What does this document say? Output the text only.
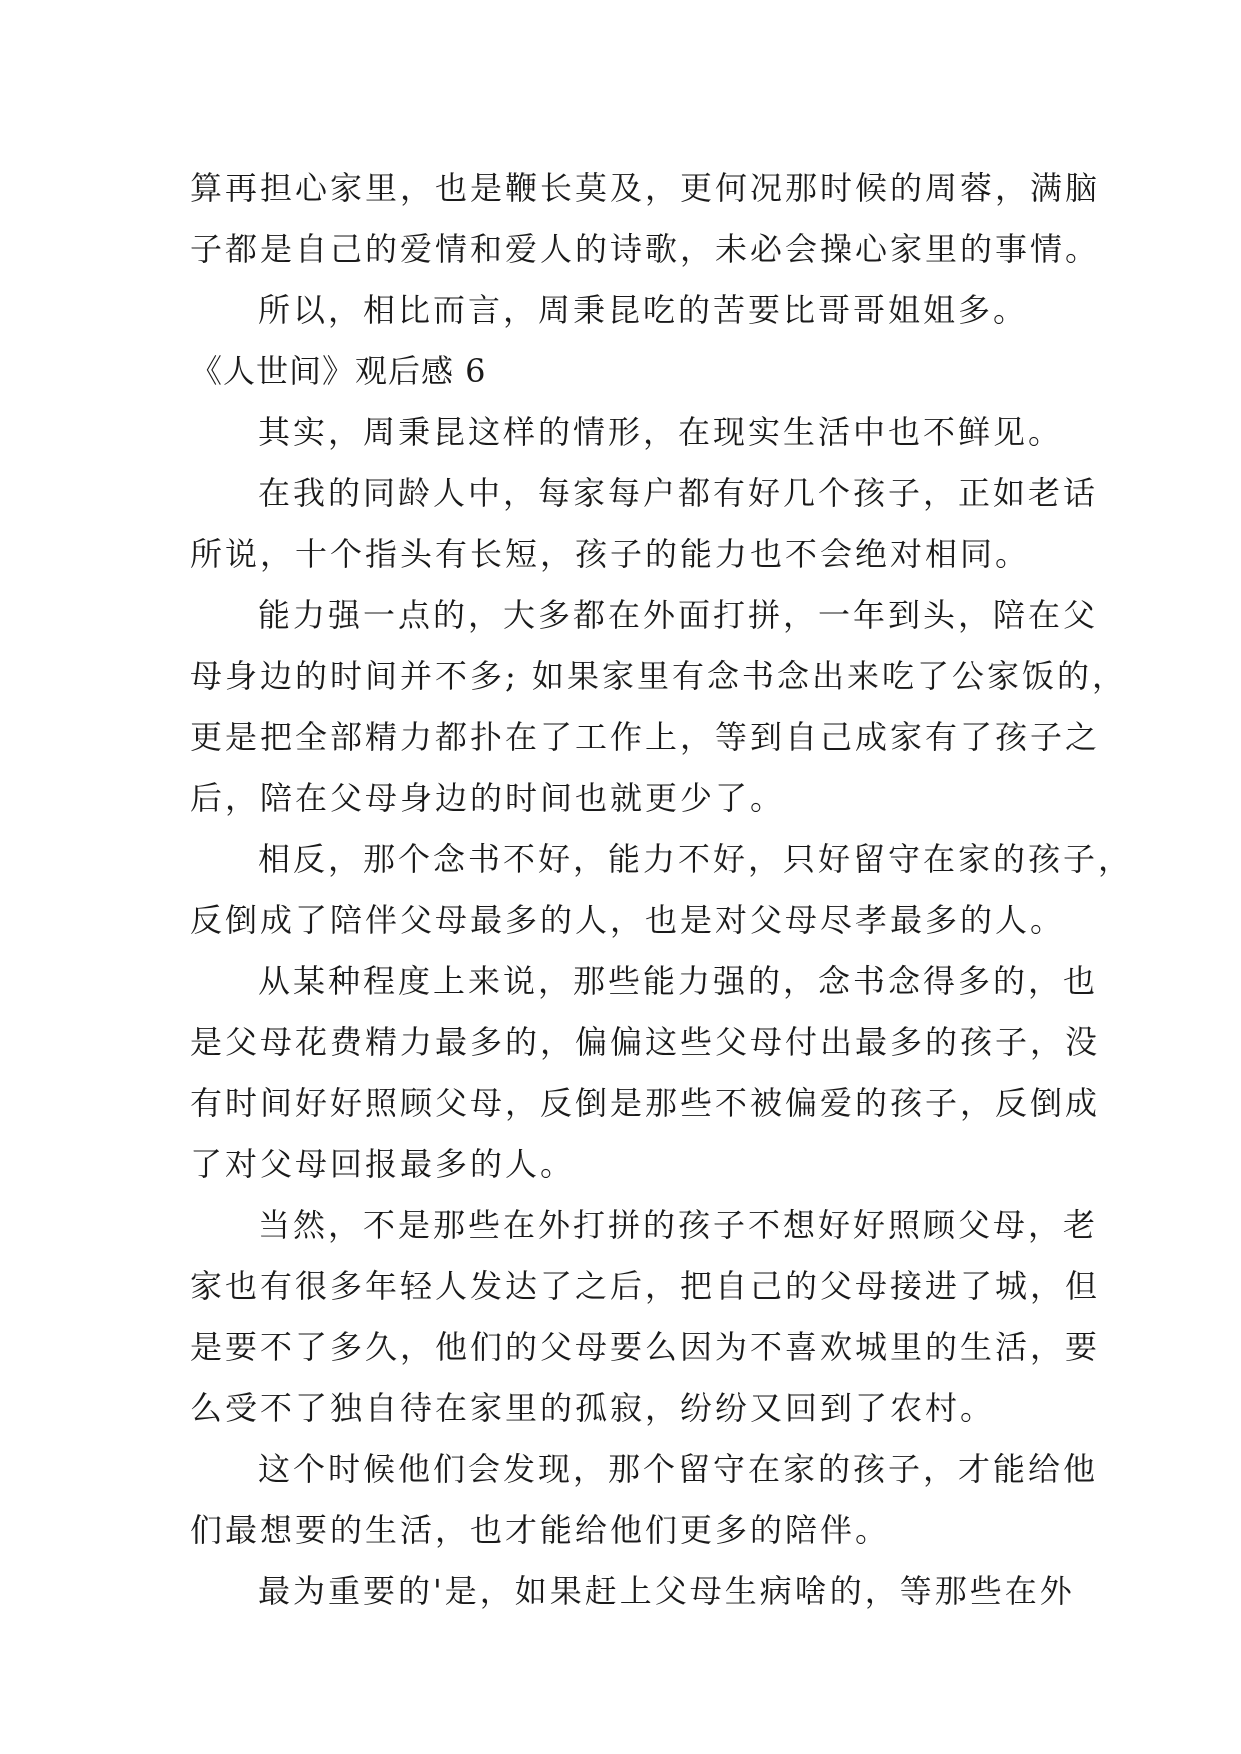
算再担心家里，也是鞭长莫及，更何况那时候的周蓉，满脑
子都是自己的爱情和爱人的诗歌，未必会操心家里的事情。
所以，相比而言，周秉昆吃的苦要比哥哥姐姐多。
《人世间》观后感 6
其实，周秉昆这样的情形，在现实生活中也不鲜见。
在我的同龄人中，每家每户都有好几个孩子，正如老话
所说，十个指头有长短，孩子的能力也不会绝对相同。
能力强一点的，大多都在外面打拼，一年到头，陪在父
母身边的时间并不多; 如果家里有念书念出来吃了公家饭的，
更是把全部精力都扑在了工作上，等到自己成家有了孩子之
后，陪在父母身边的时间也就更少了。
相反，那个念书不好，能力不好，只好留守在家的孩子，
反倒成了陪伴父母最多的人，也是对父母尽孝最多的人。
从某种程度上来说，那些能力强的，念书念得多的，也
是父母花费精力最多的，偏偏这些父母付出最多的孩子，没
有时间好好照顾父母，反倒是那些不被偏爱的孩子，反倒成
了对父母回报最多的人。
当然，不是那些在外打拼的孩子不想好好照顾父母，老
家也有很多年轻人发达了之后，把自己的父母接进了城，但
是要不了多久，他们的父母要么因为不喜欢城里的生活，要
么受不了独自待在家里的孤寂，纷纷又回到了农村。
这个时候他们会发现，那个留守在家的孩子，才能给他
们最想要的生活，也才能给他们更多的陪伴。
最为重要的'是，如果赶上父母生病啥的，等那些在外
